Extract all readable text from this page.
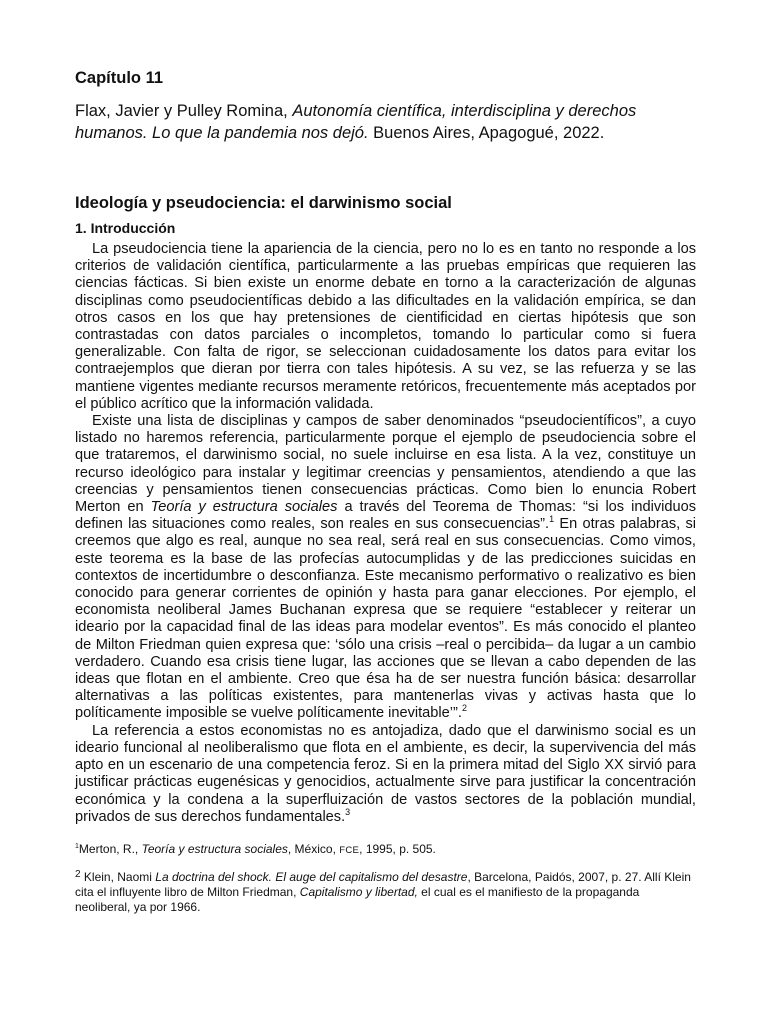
Capítulo 11

Flax, Javier y Pulley Romina, Autonomía científica, interdisciplina y derechos humanos. Lo que la pandemia nos dejó. Buenos Aires, Apagogué, 2022.

Ideología y pseudociencia: el darwinismo social
1. Introducción

La pseudociencia tiene la apariencia de la ciencia, pero no lo es en tanto no responde a los criterios de validación científica, particularmente a las pruebas empíricas que requieren las ciencias fácticas. Si bien existe un enorme debate en torno a la caracterización de algunas disciplinas como pseudocientíficas debido a las dificultades en la validación empírica, se dan otros casos en los que hay pretensiones de cientificidad en ciertas hipótesis que son contrastadas con datos parciales o incompletos, tomando lo particular como si fuera generalizable. Con falta de rigor, se seleccionan cuidadosamente los datos para evitar los contraejemplos que dieran por tierra con tales hipótesis. A su vez, se las refuerza y se las mantiene vigentes mediante recursos meramente retóricos, frecuentemente más aceptados por el público acrítico que la información validada.

Existe una lista de disciplinas y campos de saber denominados “pseudocientíficos”, a cuyo listado no haremos referencia, particularmente porque el ejemplo de pseudociencia sobre el que trataremos, el darwinismo social, no suele incluirse en esa lista. A la vez, constituye un recurso ideológico para instalar y legitimar creencias y pensamientos, atendiendo a que las creencias y pensamientos tienen consecuencias prácticas. Como bien lo enuncia Robert Merton en Teoría y estructura sociales a través del Teorema de Thomas: “si los individuos definen las situaciones como reales, son reales en sus consecuencias”.$^1$ En otras palabras, si creemos que algo es real, aunque no sea real, será real en sus consecuencias. Como vimos, este teorema es la base de las profecías autocumplidas y de las predicciones suicidas en contextos de incertidumbre o desconfianza. Este mecanismo performativo o realizativo es bien conocido para generar corrientes de opinión y hasta para ganar elecciones. Por ejemplo, el economista neoliberal James Buchanan expresa que se requiere “establecer y reiterar un ideario por la capacidad final de las ideas para modelar eventos”. Es más conocido el planteo de Milton Friedman quien expresa que: ‘sólo una crisis –real o percibida– da lugar a un cambio verdadero. Cuando esa crisis tiene lugar, las acciones que se llevan a cabo dependen de las ideas que flotan en el ambiente. Creo que ésa ha de ser nuestra función básica: desarrollar alternativas a las políticas existentes, para mantenerlas vivas y activas hasta que lo políticamente imposible se vuelve políticamente inevitable’”.$^2$

La referencia a estos economistas no es antojadiza, dado que el darwinismo social es un ideario funcional al neoliberalismo que flota en el ambiente, es decir, la supervivencia del más apto en un escenario de una competencia feroz. Si en la primera mitad del Siglo XX sirvió para justificar prácticas eugenésicas y genocidios, actualmente sirve para justificar la concentración económica y la condena a la superfluización de vastos sectores de la población mundial, privados de sus derechos fundamentales.$^3$

$^1$Merton, R., Teoría y estructura sociales, México, FCE, 1995, p. 505.

$^2$ Klein, Naomi La doctrina del shock. El auge del capitalismo del desastre, Barcelona, Paidós, 2007, p. 27. Allí Klein cita el influyente libro de Milton Friedman, Capitalismo y libertad, el cual es el manifiesto de la propaganda neoliberal, ya por 1966.
